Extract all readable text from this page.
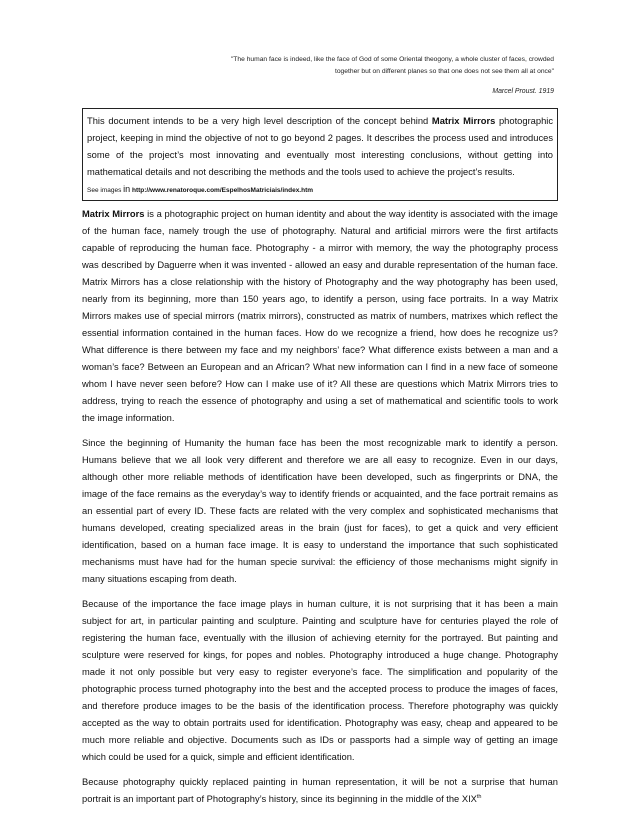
"The human face is indeed, like the face of God of some Oriental theogony, a whole cluster of faces, crowded together but on different planes so that one does not see them all at once"
Marcel Proust. 1919

This document intends to be a very high level description of the concept behind Matrix Mirrors photographic project, keeping in mind the objective of not to go beyond 2 pages. It describes the process used and introduces some of the project’s most innovating and eventually most interesting conclusions, without getting into mathematical details and not describing the methods and the tools used to achieve the project’s results.

See images in http://www.renatoroque.com/EspelhosMatriciais/index.htm

Matrix Mirrors is a photographic project on human identity and about the way identity is associated with the image of the human face, namely trough the use of photography. Natural and artificial mirrors were the first artifacts capable of reproducing the human face. Photography - a mirror with memory, the way the photography process was described by Daguerre when it was invented - allowed an easy and durable representation of the human face. Matrix Mirrors has a close relationship with the history of Photography and the way photography has been used, nearly from its beginning, more than 150 years ago, to identify a person, using face portraits. In a way Matrix Mirrors makes use of special mirrors (matrix mirrors), constructed as matrix of numbers, matrixes which reflect the essential information contained in the human faces. How do we recognize a friend, how does he recognize us? What difference is there between my face and my neighbors’ face? What difference exists between a man and a woman’s face? Between an European and an African? What new information can I find in a new face of someone whom I have never seen before? How can I make use of it? All these are questions which Matrix Mirrors tries to address, trying to reach the essence of photography and using a set of mathematical and scientific tools to work the image information.

Since the beginning of Humanity the human face has been the most recognizable mark to identify a person. Humans believe that we all look very different and therefore we are all easy to recognize. Even in our days, although other more reliable methods of identification have been developed, such as fingerprints or DNA, the image of the face remains as the everyday’s way to identify friends or acquainted, and the face portrait remains as an essential part of every ID. These facts are related with the very complex and sophisticated mechanisms that humans developed, creating specialized areas in the brain (just for faces), to get a quick and very efficient identification, based on a human face image. It is easy to understand the importance that such sophisticated mechanisms must have had for the human specie survival: the efficiency of those mechanisms might signify in many situations escaping from death.

Because of the importance the face image plays in human culture, it is not surprising that it has been a main subject for art, in particular painting and sculpture. Painting and sculpture have for centuries played the role of registering the human face, eventually with the illusion of achieving eternity for the portrayed. But painting and sculpture were reserved for kings, for popes and nobles. Photography introduced a huge change. Photography made it not only possible but very easy to register everyone’s face. The simplification and popularity of the photographic process turned photography into the best and the accepted process to produce the images of faces, and therefore produce images to be the basis of the identification process. Therefore photography was quickly accepted as the way to obtain portraits used for identification. Photography was easy, cheap and appeared to be much more reliable and objective. Documents such as IDs or passports had a simple way of getting an image which could be used for a quick, simple and efficient identification.

Because photography quickly replaced painting in human representation, it will be not a surprise that human portrait is an important part of Photography’s history, since its beginning in the middle of the XIXth
